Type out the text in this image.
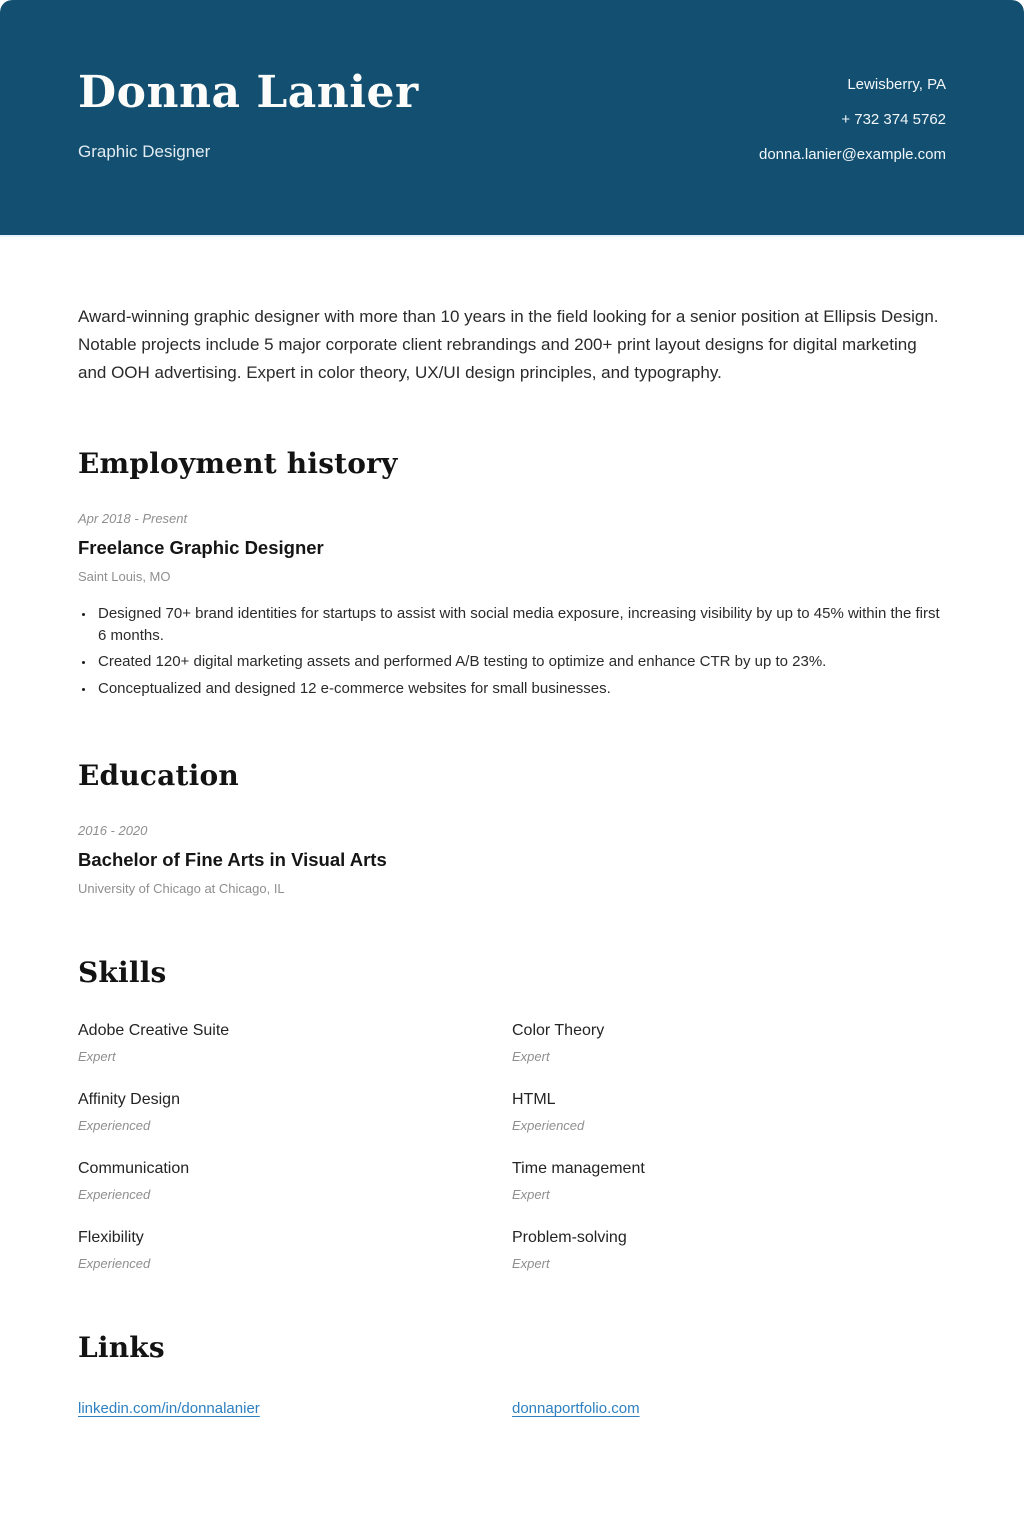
Donna Lanier
Graphic Designer
Lewisberry, PA
+ 732 374 5762
donna.lanier@example.com

Award-winning graphic designer with more than 10 years in the field looking for a senior position at Ellipsis Design. Notable projects include 5 major corporate client rebrandings and 200+ print layout designs for digital marketing and OOH advertising. Expert in color theory, UX/UI design principles, and typography.

Employment history
Apr 2018 - Present
Freelance Graphic Designer
Saint Louis, MO
• Designed 70+ brand identities for startups to assist with social media exposure, increasing visibility by up to 45% within the first 6 months.
• Created 120+ digital marketing assets and performed A/B testing to optimize and enhance CTR by up to 23%.
• Conceptualized and designed 12 e-commerce websites for small businesses.
Education
2016 - 2020
Bachelor of Fine Arts in Visual Arts
University of Chicago at Chicago, IL
Skills
Adobe Creative Suite
Expert
Color Theory
Expert
Affinity Design
Experienced
HTML
Experienced
Communication
Experienced
Time management
Expert
Flexibility
Experienced
Problem-solving
Expert
Links
linkedin.com/in/donnalanier	donnaportfolio.com
